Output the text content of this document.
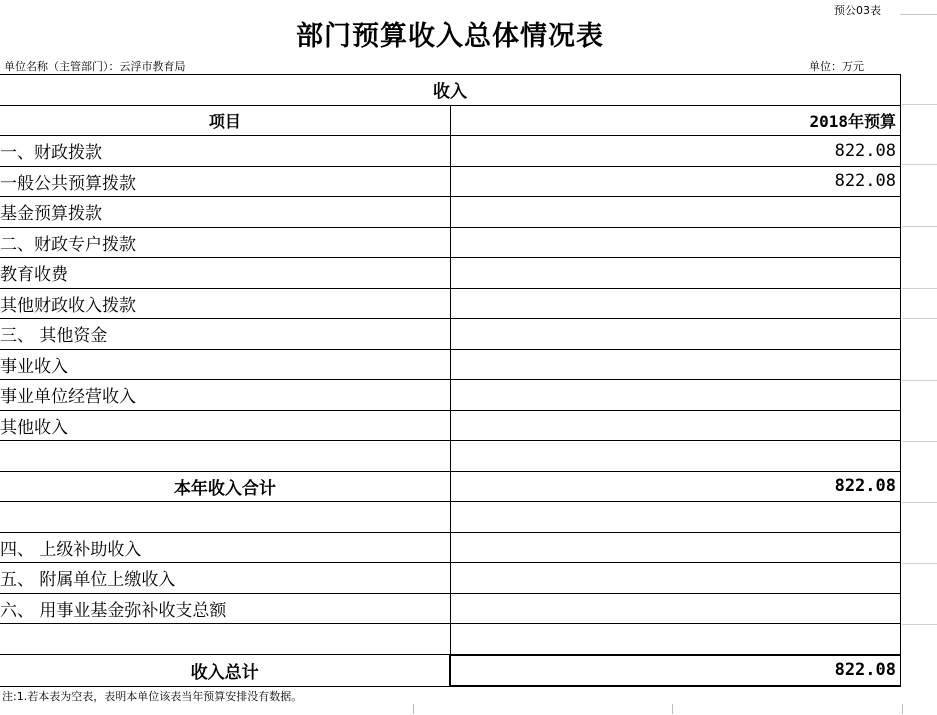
预公03表
部门预算收入总体情况表
单位名称（主管部门）：云浮市教育局	单位：万元
收入	
项目	2018年预算
一、财政拨款	822.08
一般公共预算拨款	822.08
基金预算拨款	
二、财政专户拨款	
教育收费	
其他财政收入拨款	
三、 其他资金	
事业收入	
事业单位经营收入	
其他收入	

本年收入合计	822.08

四、 上级补助收入	
五、 附属单位上缴收入	
六、 用事业基金弥补收支总额	

收入总计	822.08
注:1.若本表为空表，表明本单位该表当年预算安排没有数据。
